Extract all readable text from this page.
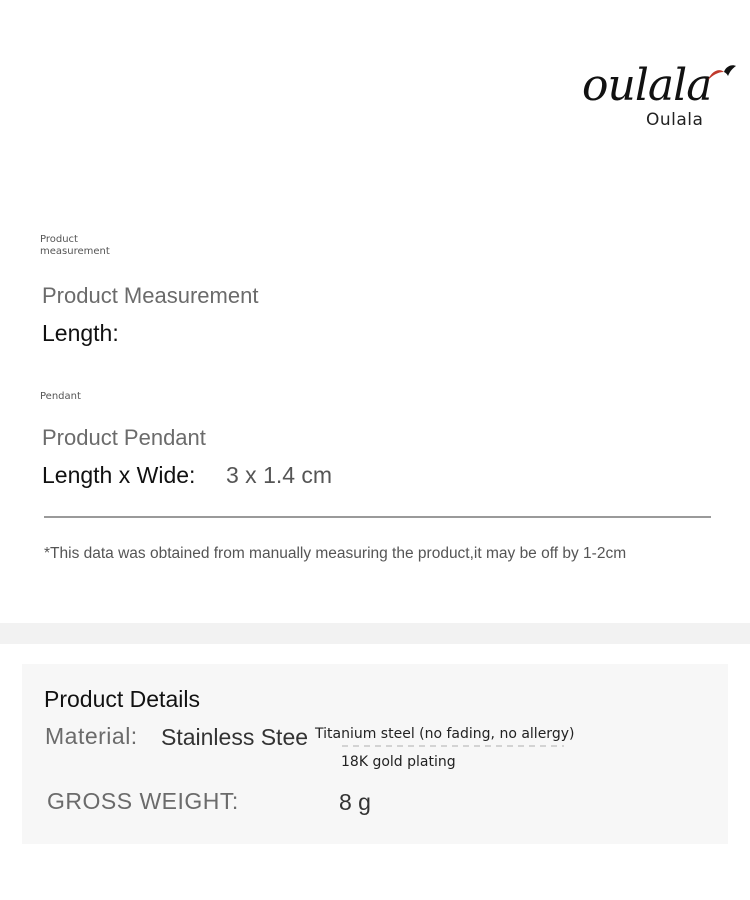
oulala
Oulala
Product measurement
Product Measurement
Length:
Pendant
Product Pendant
Length x Wide: 3 x 1.4 cm
*This data was obtained from manually measuring the product,it may be off by 1-2cm
Product Details
Material: Stainless Stee Titanium steel (no fading, no allergy)
18K gold plating
GROSS WEIGHT:	8 g
